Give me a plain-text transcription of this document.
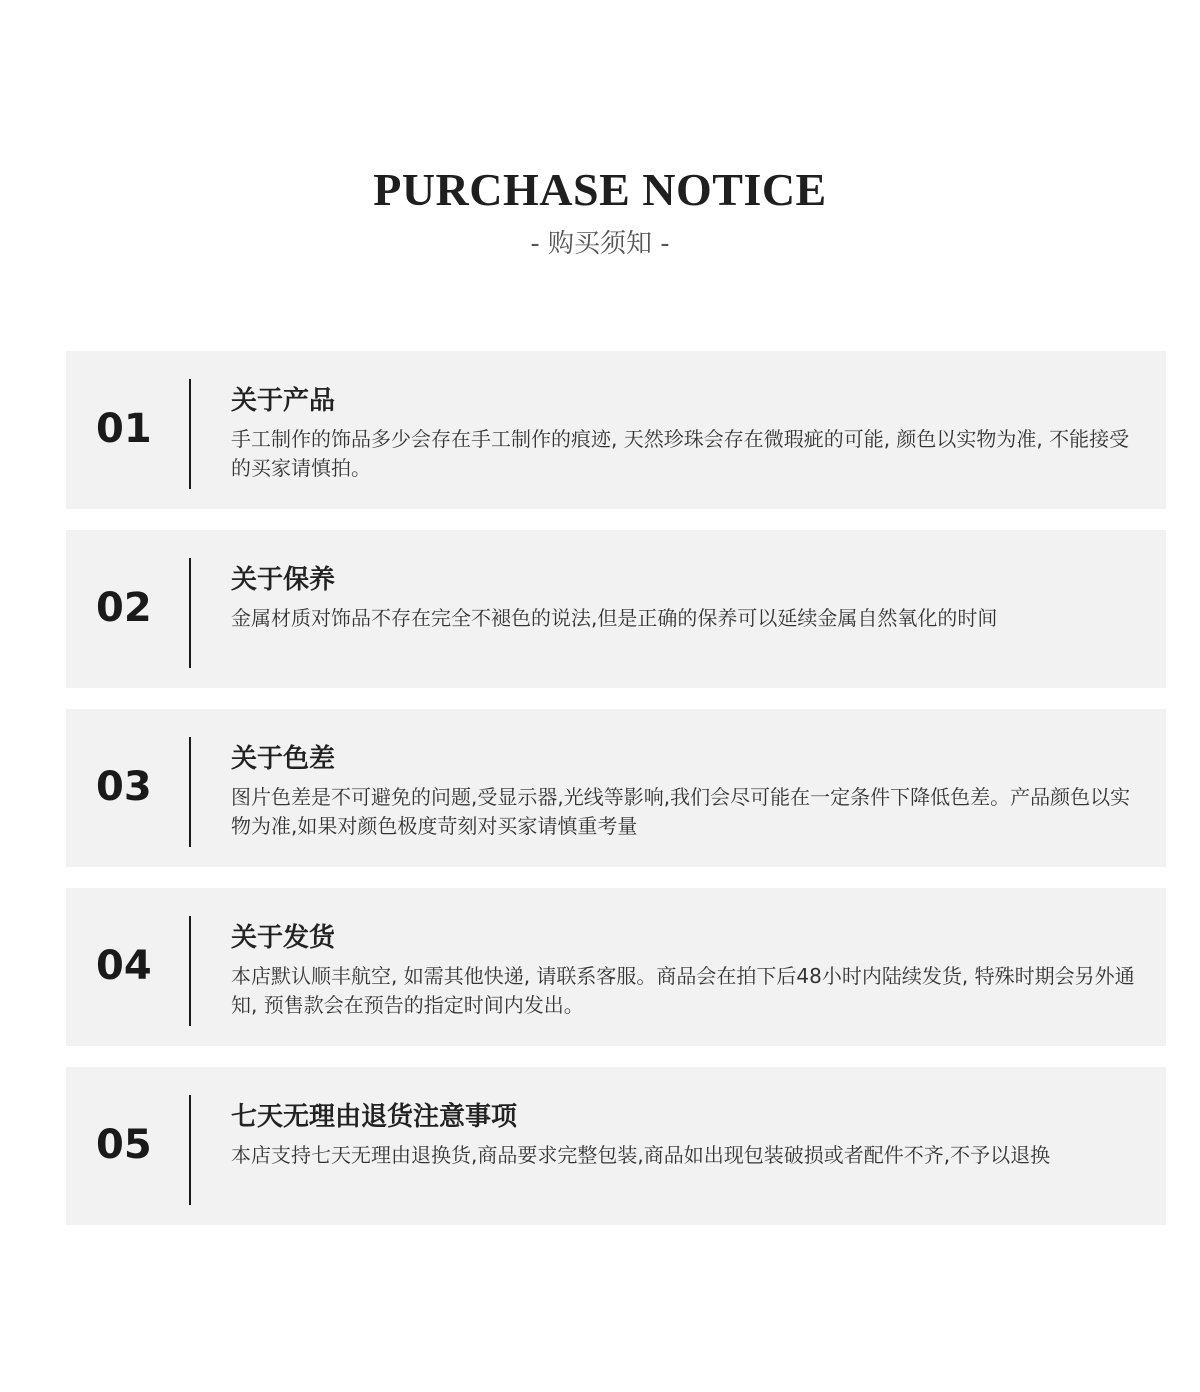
PURCHASE NOTICE
- 购买须知 -
01
关于产品
手工制作的饰品多少会存在手工制作的痕迹, 天然珍珠会存在微瑕疵的可能, 颜色以实物为准, 不能接受的买家请慎拍。
02
关于保养
金属材质对饰品不存在完全不褪色的说法,但是正确的保养可以延续金属自然氧化的时间
03
关于色差
图片色差是不可避免的问题,受显示器,光线等影响,我们会尽可能在一定条件下降低色差。产品颜色以实物为准,如果对颜色极度苛刻对买家请慎重考量
04
关于发货
本店默认顺丰航空, 如需其他快递, 请联系客服。商品会在拍下后48小时内陆续发货, 特殊时期会另外通知, 预售款会在预告的指定时间内发出。
05
七天无理由退货注意事项
本店支持七天无理由退换货,商品要求完整包装,商品如出现包装破损或者配件不齐,不予以退换
